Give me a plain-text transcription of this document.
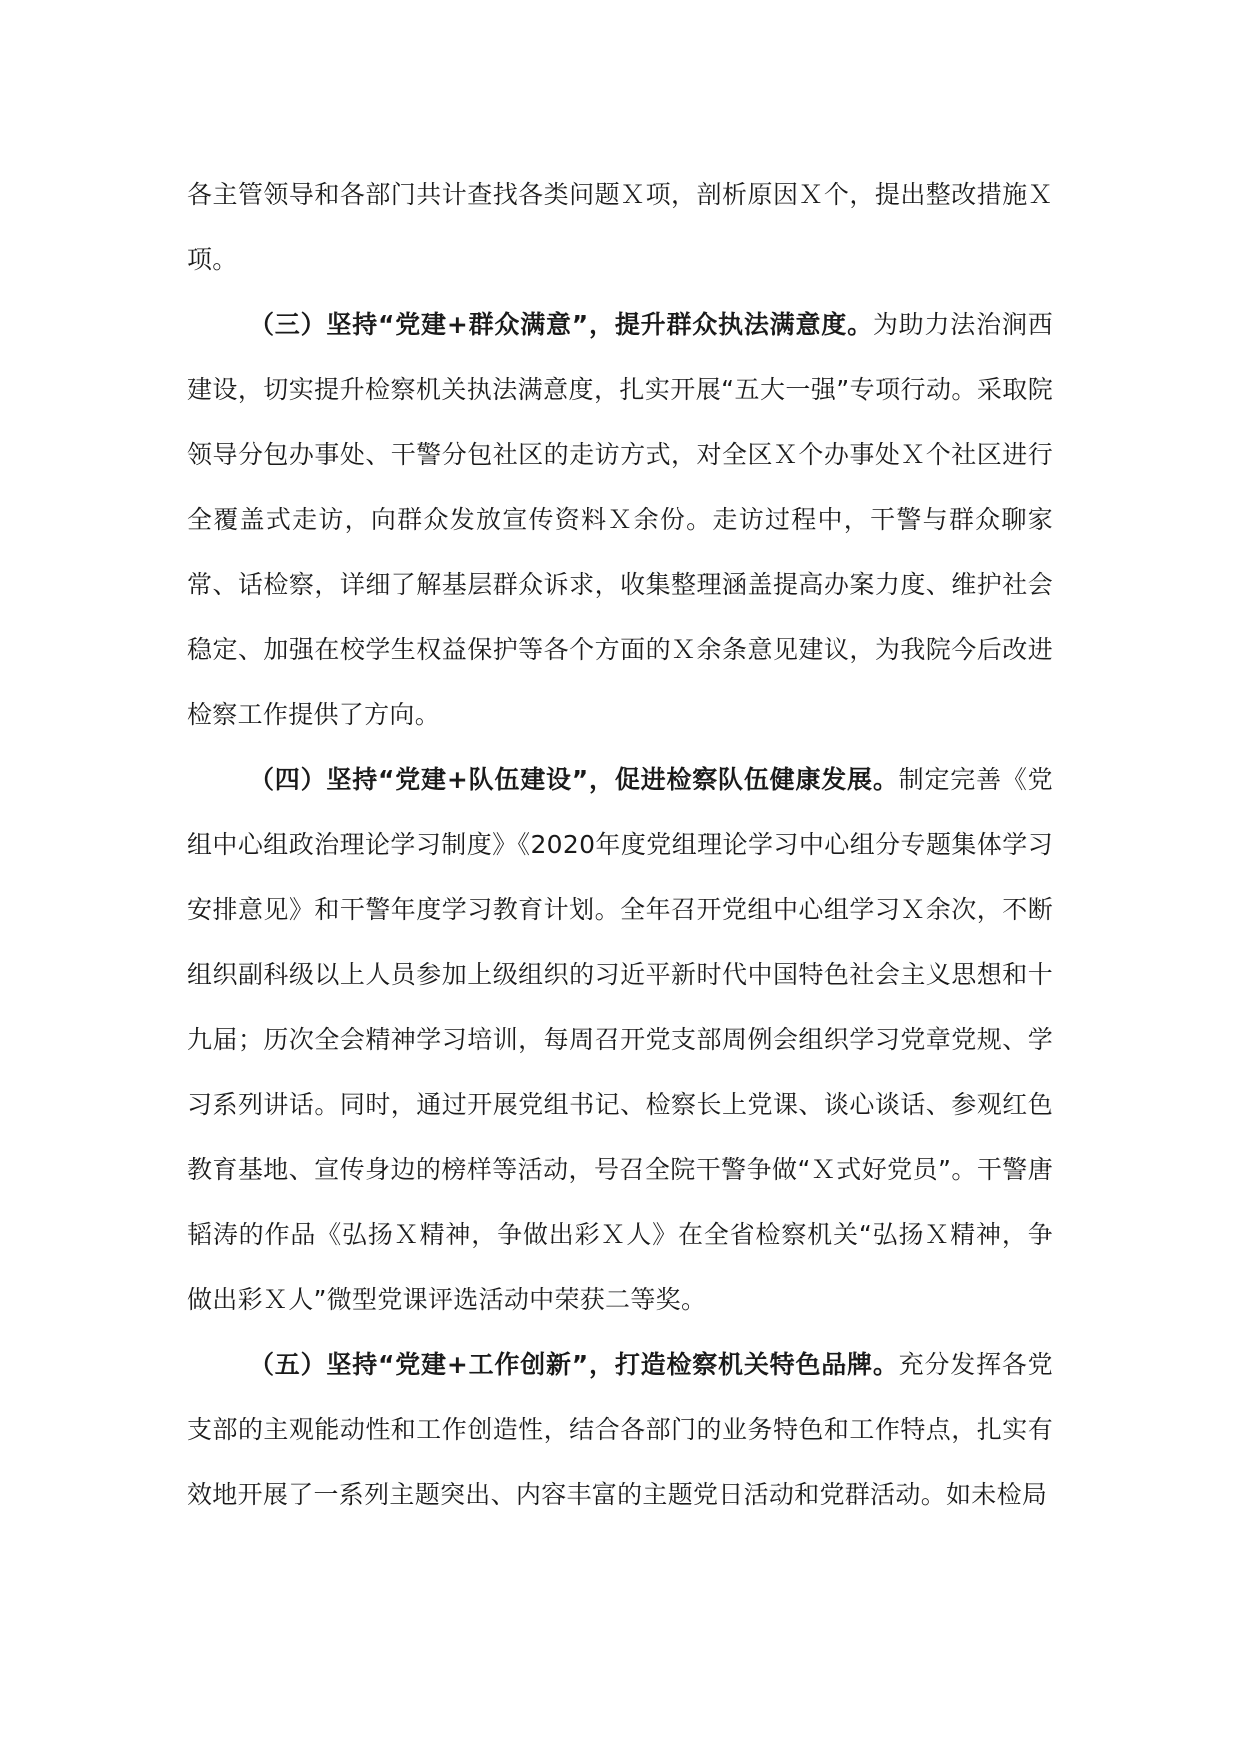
各主管领导和各部门共计查找各类问题Ｘ项，剖析原因Ｘ个，提出整改措施Ｘ项。

（三）坚持“党建+群众满意”，提升群众执法满意度。为助力法治涧西建设，切实提升检察机关执法满意度，扎实开展“五大一强”专项行动。采取院领导分包办事处、干警分包社区的走访方式，对全区Ｘ个办事处Ｘ个社区进行全覆盖式走访，向群众发放宣传资料Ｘ余份。走访过程中，干警与群众聊家常、话检察，详细了解基层群众诉求，收集整理涵盖提高办案力度、维护社会稳定、加强在校学生权益保护等各个方面的Ｘ余条意见建议，为我院今后改进检察工作提供了方向。

（四）坚持“党建+队伍建设”，促进检察队伍健康发展。制定完善《党组中心组政治理论学习制度》《2020年度党组理论学习中心组分专题集体学习安排意见》和干警年度学习教育计划。全年召开党组中心组学习Ｘ余次，不断组织副科级以上人员参加上级组织的习近平新时代中国特色社会主义思想和十九届；历次全会精神学习培训，每周召开党支部周例会组织学习党章党规、学习系列讲话。同时，通过开展党组书记、检察长上党课、谈心谈话、参观红色教育基地、宣传身边的榜样等活动，号召全院干警争做“Ｘ式好党员”。干警唐韬涛的作品《弘扬Ｘ精神，争做出彩Ｘ人》在全省检察机关“弘扬Ｘ精神，争做出彩Ｘ人”微型党课评选活动中荣获二等奖。

（五）坚持“党建+工作创新”，打造检察机关特色品牌。充分发挥各党支部的主观能动性和工作创造性，结合各部门的业务特色和工作特点，扎实有效地开展了一系列主题突出、内容丰富的主题党日活动和党群活动。如未检局
